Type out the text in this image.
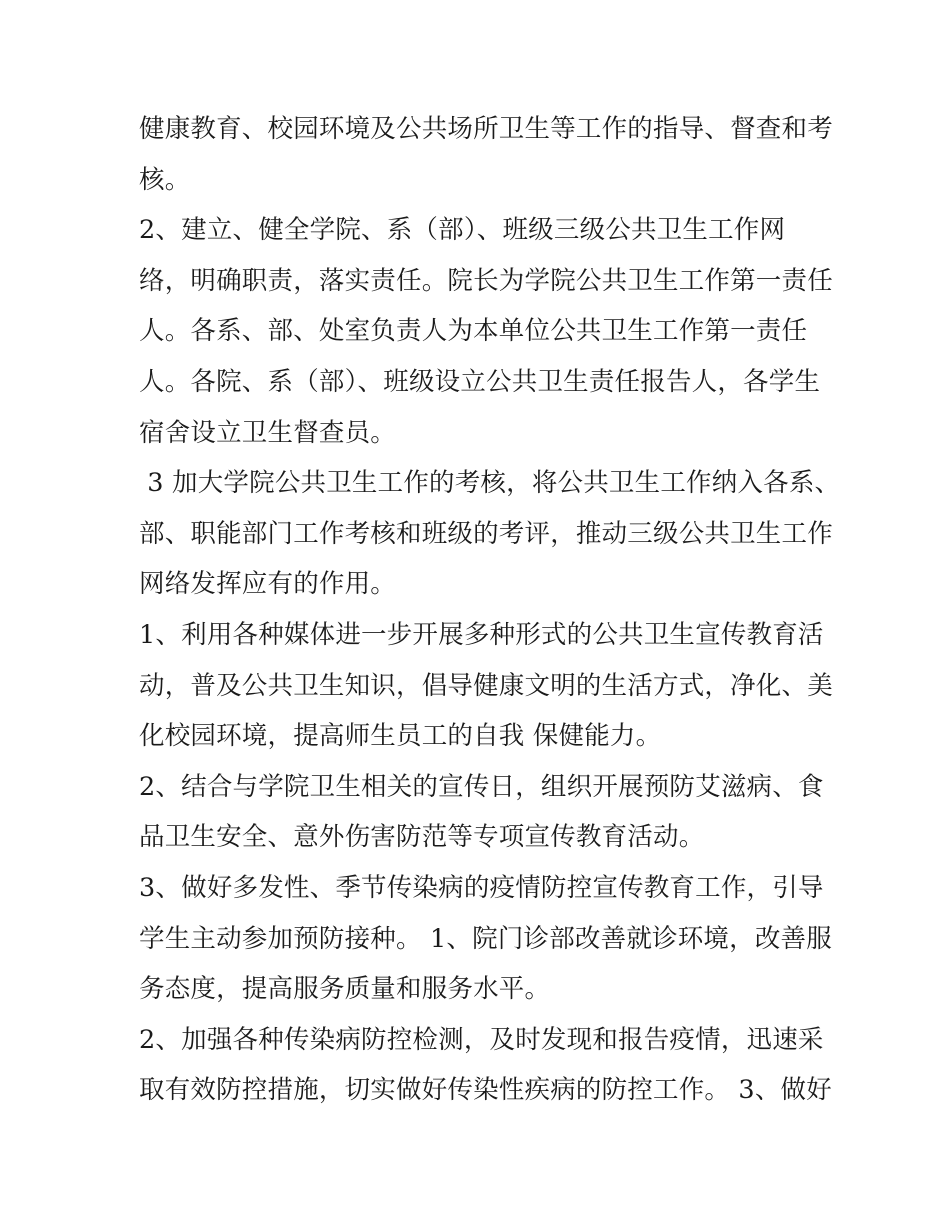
健康教育、校园环境及公共场所卫生等工作的指导、督查和考
核。
2、建立、健全学院、系（部）、班级三级公共卫生工作网
络，明确职责，落实责任。院长为学院公共卫生工作第一责任
人。各系、部、处室负责人为本单位公共卫生工作第一责任
人。各院、系（部）、班级设立公共卫生责任报告人，各学生
宿舍设立卫生督查员。
3 加大学院公共卫生工作的考核，将公共卫生工作纳入各系、
部、职能部门工作考核和班级的考评，推动三级公共卫生工作
网络发挥应有的作用。
1、利用各种媒体进一步开展多种形式的公共卫生宣传教育活
动，普及公共卫生知识，倡导健康文明的生活方式，净化、美
化校园环境，提高师生员工的自我 保健能力。
2、结合与学院卫生相关的宣传日，组织开展预防艾滋病、食
品卫生安全、意外伤害防范等专项宣传教育活动。
3、做好多发性、季节传染病的疫情防控宣传教育工作，引导
学生主动参加预防接种。 1、院门诊部改善就诊环境，改善服
务态度，提高服务质量和服务水平。
2、加强各种传染病防控检测，及时发现和报告疫情，迅速采
取有效防控措施，切实做好传染性疾病的防控工作。 3、做好
